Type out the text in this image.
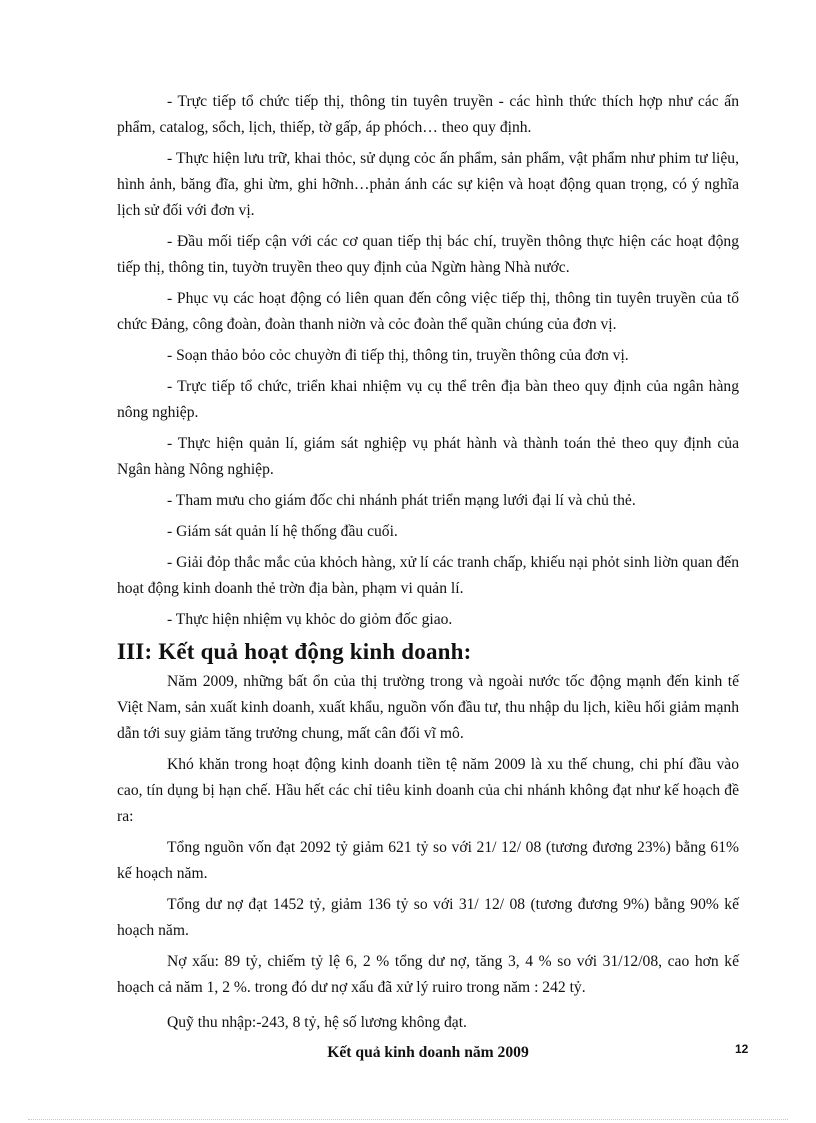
- Trực tiếp tổ chức tiếp thị, thông tin tuyên truyền - các hình thức thích hợp như các ấn phẩm, catalog, sổch, lịch, thiếp, tờ gấp, áp phóch… theo quy định.

- Thực hiện lưu trữ, khai thỏc, sử dụng cỏc ấn phẩm, sản phẩm, vật phẩm như phim tư liệu, hình ảnh, băng đĩa, ghi ừm, ghi hỡnh…phản ánh các sự kiện và hoạt động quan trọng, có ý nghĩa lịch sử đối với đơn vị.

- Đầu mối tiếp cận với các cơ quan tiếp thị bác chí, truyền thông thực hiện các hoạt động tiếp thị, thông tin, tuyờn truyền theo quy định của Ngừn hàng Nhà nước.

- Phục vụ các hoạt động có liên quan đến công việc tiếp thị, thông tin tuyên truyền của tổ chức Đảng, công đoàn, đoàn thanh niờn và cỏc đoàn thể quần chúng của đơn vị.

- Soạn thảo bỏo cỏc chuyờn đi tiếp thị, thông tin, truyền thông của đơn vị.

- Trực tiếp tổ chức, triển khai nhiệm vụ cụ thể trên địa bàn theo quy định của ngân hàng nông nghiệp.

- Thực hiện quản lí, giám sát nghiệp vụ phát hành và thành toán thẻ theo quy định của Ngân hàng Nông nghiệp.

- Tham mưu cho giám đốc chi nhánh phát triển mạng lưới đại lí và chủ thẻ.

- Giám sát quản lí hệ thống đầu cuối.

- Giải đỏp thắc mắc của khỏch hàng, xử lí các tranh chấp, khiếu nại phỏt sinh liờn quan đến hoạt động kinh doanh thẻ trờn địa bàn, phạm vi quản lí.

- Thực hiện nhiệm vụ khỏc do giỏm đốc giao.

III: Kết quả hoạt động kinh doanh:

Năm 2009, những bất ổn của thị trường trong và ngoài nước tốc động mạnh đến kinh tế Việt Nam, sản xuất kinh doanh, xuất khẩu, nguồn vốn đầu tư, thu nhập du lịch, kiều hối giảm mạnh dẫn tới suy giảm tăng trưởng chung, mất cân đối vĩ mô.

Khó khăn trong hoạt động kinh doanh tiền tệ năm 2009 là xu thế chung, chi phí đầu vào cao, tín dụng bị hạn chế. Hầu hết các chỉ tiêu kinh doanh của chi nhánh không đạt như kế hoạch đề ra:

Tổng nguồn vốn đạt 2092 tỷ giảm 621 tỷ so với 21/ 12/ 08 (tương đương 23%) bằng 61% kế hoạch năm.

Tổng dư nợ đạt 1452 tỷ, giảm 136 tỷ so với 31/ 12/ 08 (tương đương 9%) bằng 90% kế hoạch năm.

Nợ xấu: 89 tỷ, chiếm tỷ lệ 6, 2 % tổng dư nợ, tăng 3, 4 % so với 31/12/08, cao hơn kế hoạch cả năm 1, 2 %. trong đó dư nợ xấu đã xử lý ruiro trong năm : 242 tỷ.

Quỹ thu nhập:-243, 8 tỷ, hệ số lương không đạt.

Kết quả kinh doanh năm 2009	12
